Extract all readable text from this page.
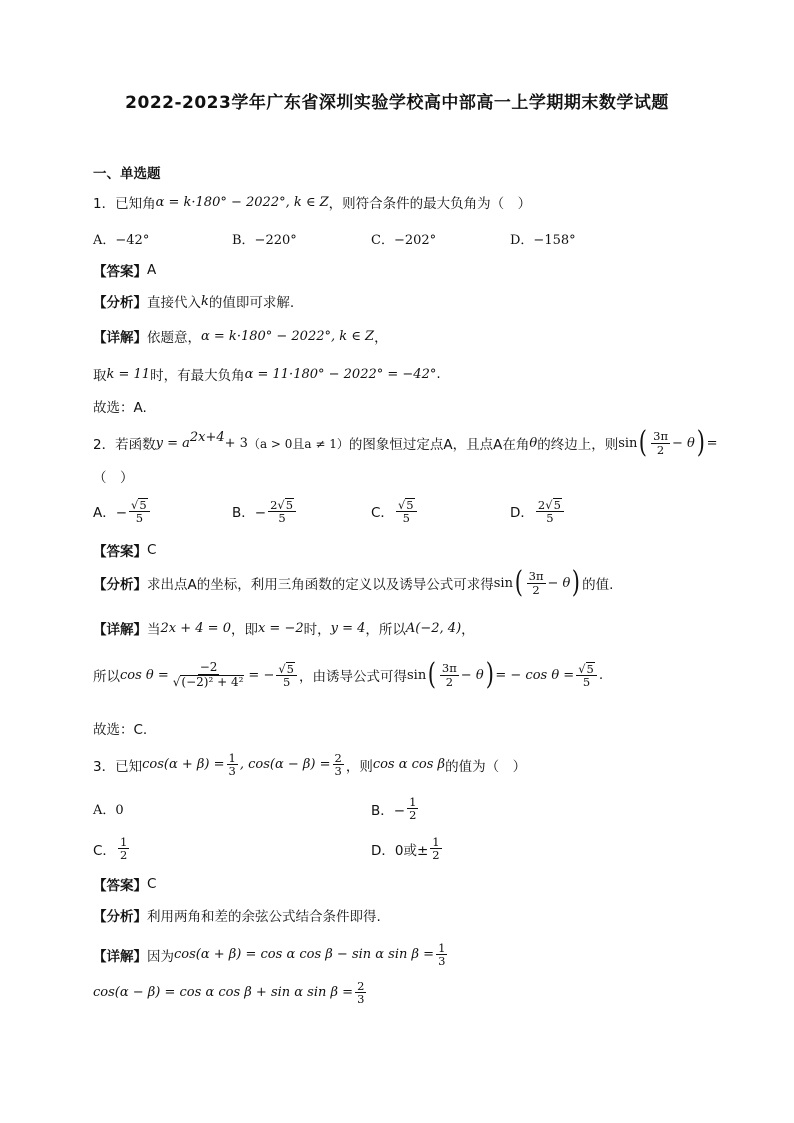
2022-2023学年广东省深圳实验学校高中部高一上学期期末数学试题
一、单选题
1．已知角 α = k·180° − 2022°, k ∈ Z ，则符合条件的最大负角为（　）
A．−42°	B．−220°	C．−202°	D．−158°
【答案】 A
【分析】 直接代入 k 的值即可求解.
【详解】 依题意， α = k·180° − 2022°, k ∈ Z ，
取 k = 11 时，有最大负角 α = 11·180° − 2022° = −42° .
故选：A.
2．若函数 $y = a^{2x+4} + 3$ （a > 0且a ≠ 1） 的图象恒过定点A，且点A在角 θ 的终边上，则 sin ( $\frac{3\pi}{2} - \theta$ ) =
（　）
A．− $\frac{√ 5}{5}$	B．− $\frac{2 √ 5}{5}$	C． $\frac{√ 5}{5}$	D． $\frac{2 √ 5}{5}$
【答案】 C
【分析】 求出点A的坐标，利用三角函数的定义以及诱导公式可求得 sin ( $\frac{3\pi}{2} - \theta$ ) 的值.
【详解】 当 2x + 4 = 0 ，即 x = −2 时， y = 4 ，所以 A(−2, 4) ，
所以 $\cos \theta = \frac{-2}{\text{√ (−2)² + 4²}}$ = − $\frac{√ 5}{5}$ ，由诱导公式可得 sin ( $\frac{3\pi}{2} - \theta$ ) = − $\cos \theta = \frac{√ 5}{5}$ .
故选：C.
3．已知 $\cos(\alpha + \beta) = \frac{1}{3}$ , $\cos(\alpha - \beta) = \frac{2}{3}$ ，则 cos α cos β 的值为（　）
A．0	B．− $\frac{1}{2}$
C． $\frac{1}{2}$	D．0或± $\frac{1}{2}$
【答案】 C
【分析】 利用两角和差的余弦公式结合条件即得.
【详解】 因为 cos(α + β) = cos α cos β − sin α $\sin \beta = \frac{1}{3}$
cos(α − β) = cos α cos β + sin α $\sin \beta = \frac{2}{3}$
